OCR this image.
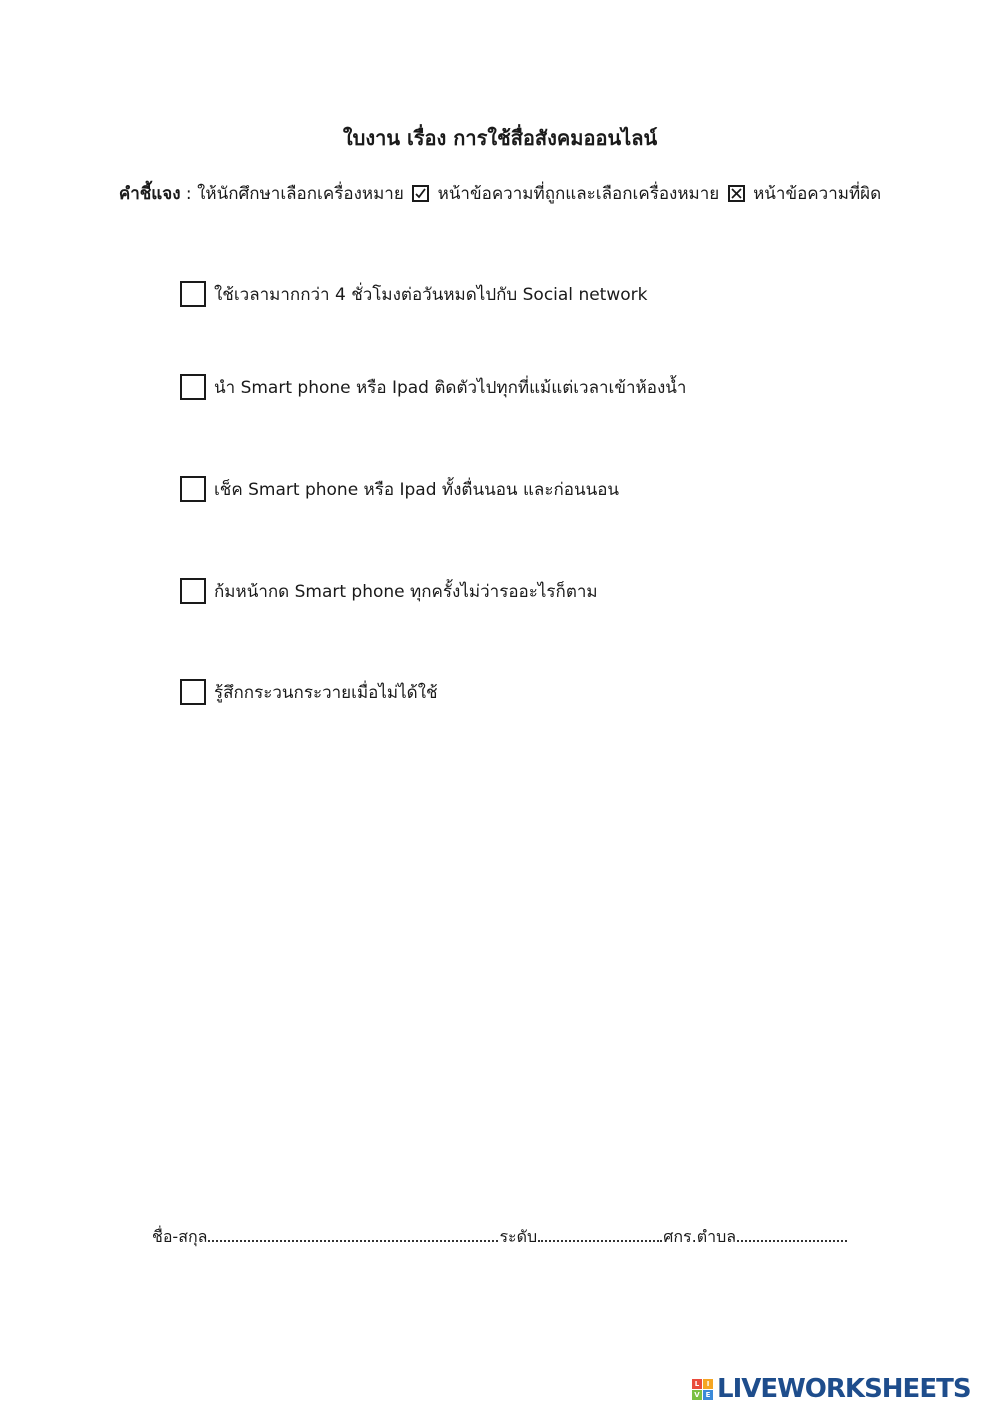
ใบงาน เรื่อง การใช้สื่อสังคมออนไลน์
คำชี้แจง : ให้นักศึกษาเลือกเครื่องหมาย หน้าข้อความที่ถูกและเลือกเครื่องหมาย ☒ หน้าข้อความที่ผิด
ใช้เวลามากกว่า 4 ชั่วโมงต่อวันหมดไปกับ Social network
นำ Smart phone หรือ Ipad ติดตัวไปทุกที่แม้แต่เวลาเข้าห้องน้ำ
เช็ค Smart phone หรือ Ipad ทั้งตื่นนอน และก่อนนอน
ก้มหน้ากด Smart phone ทุกครั้งไม่ว่ารออะไรก็ตาม
รู้สึกกระวนกระวายเมื่อไม่ได้ใช้
ชื่อ-สกุล	ระดับ	ศกร.ตำบล
L	I
V E LIVEWORKSHEETS
